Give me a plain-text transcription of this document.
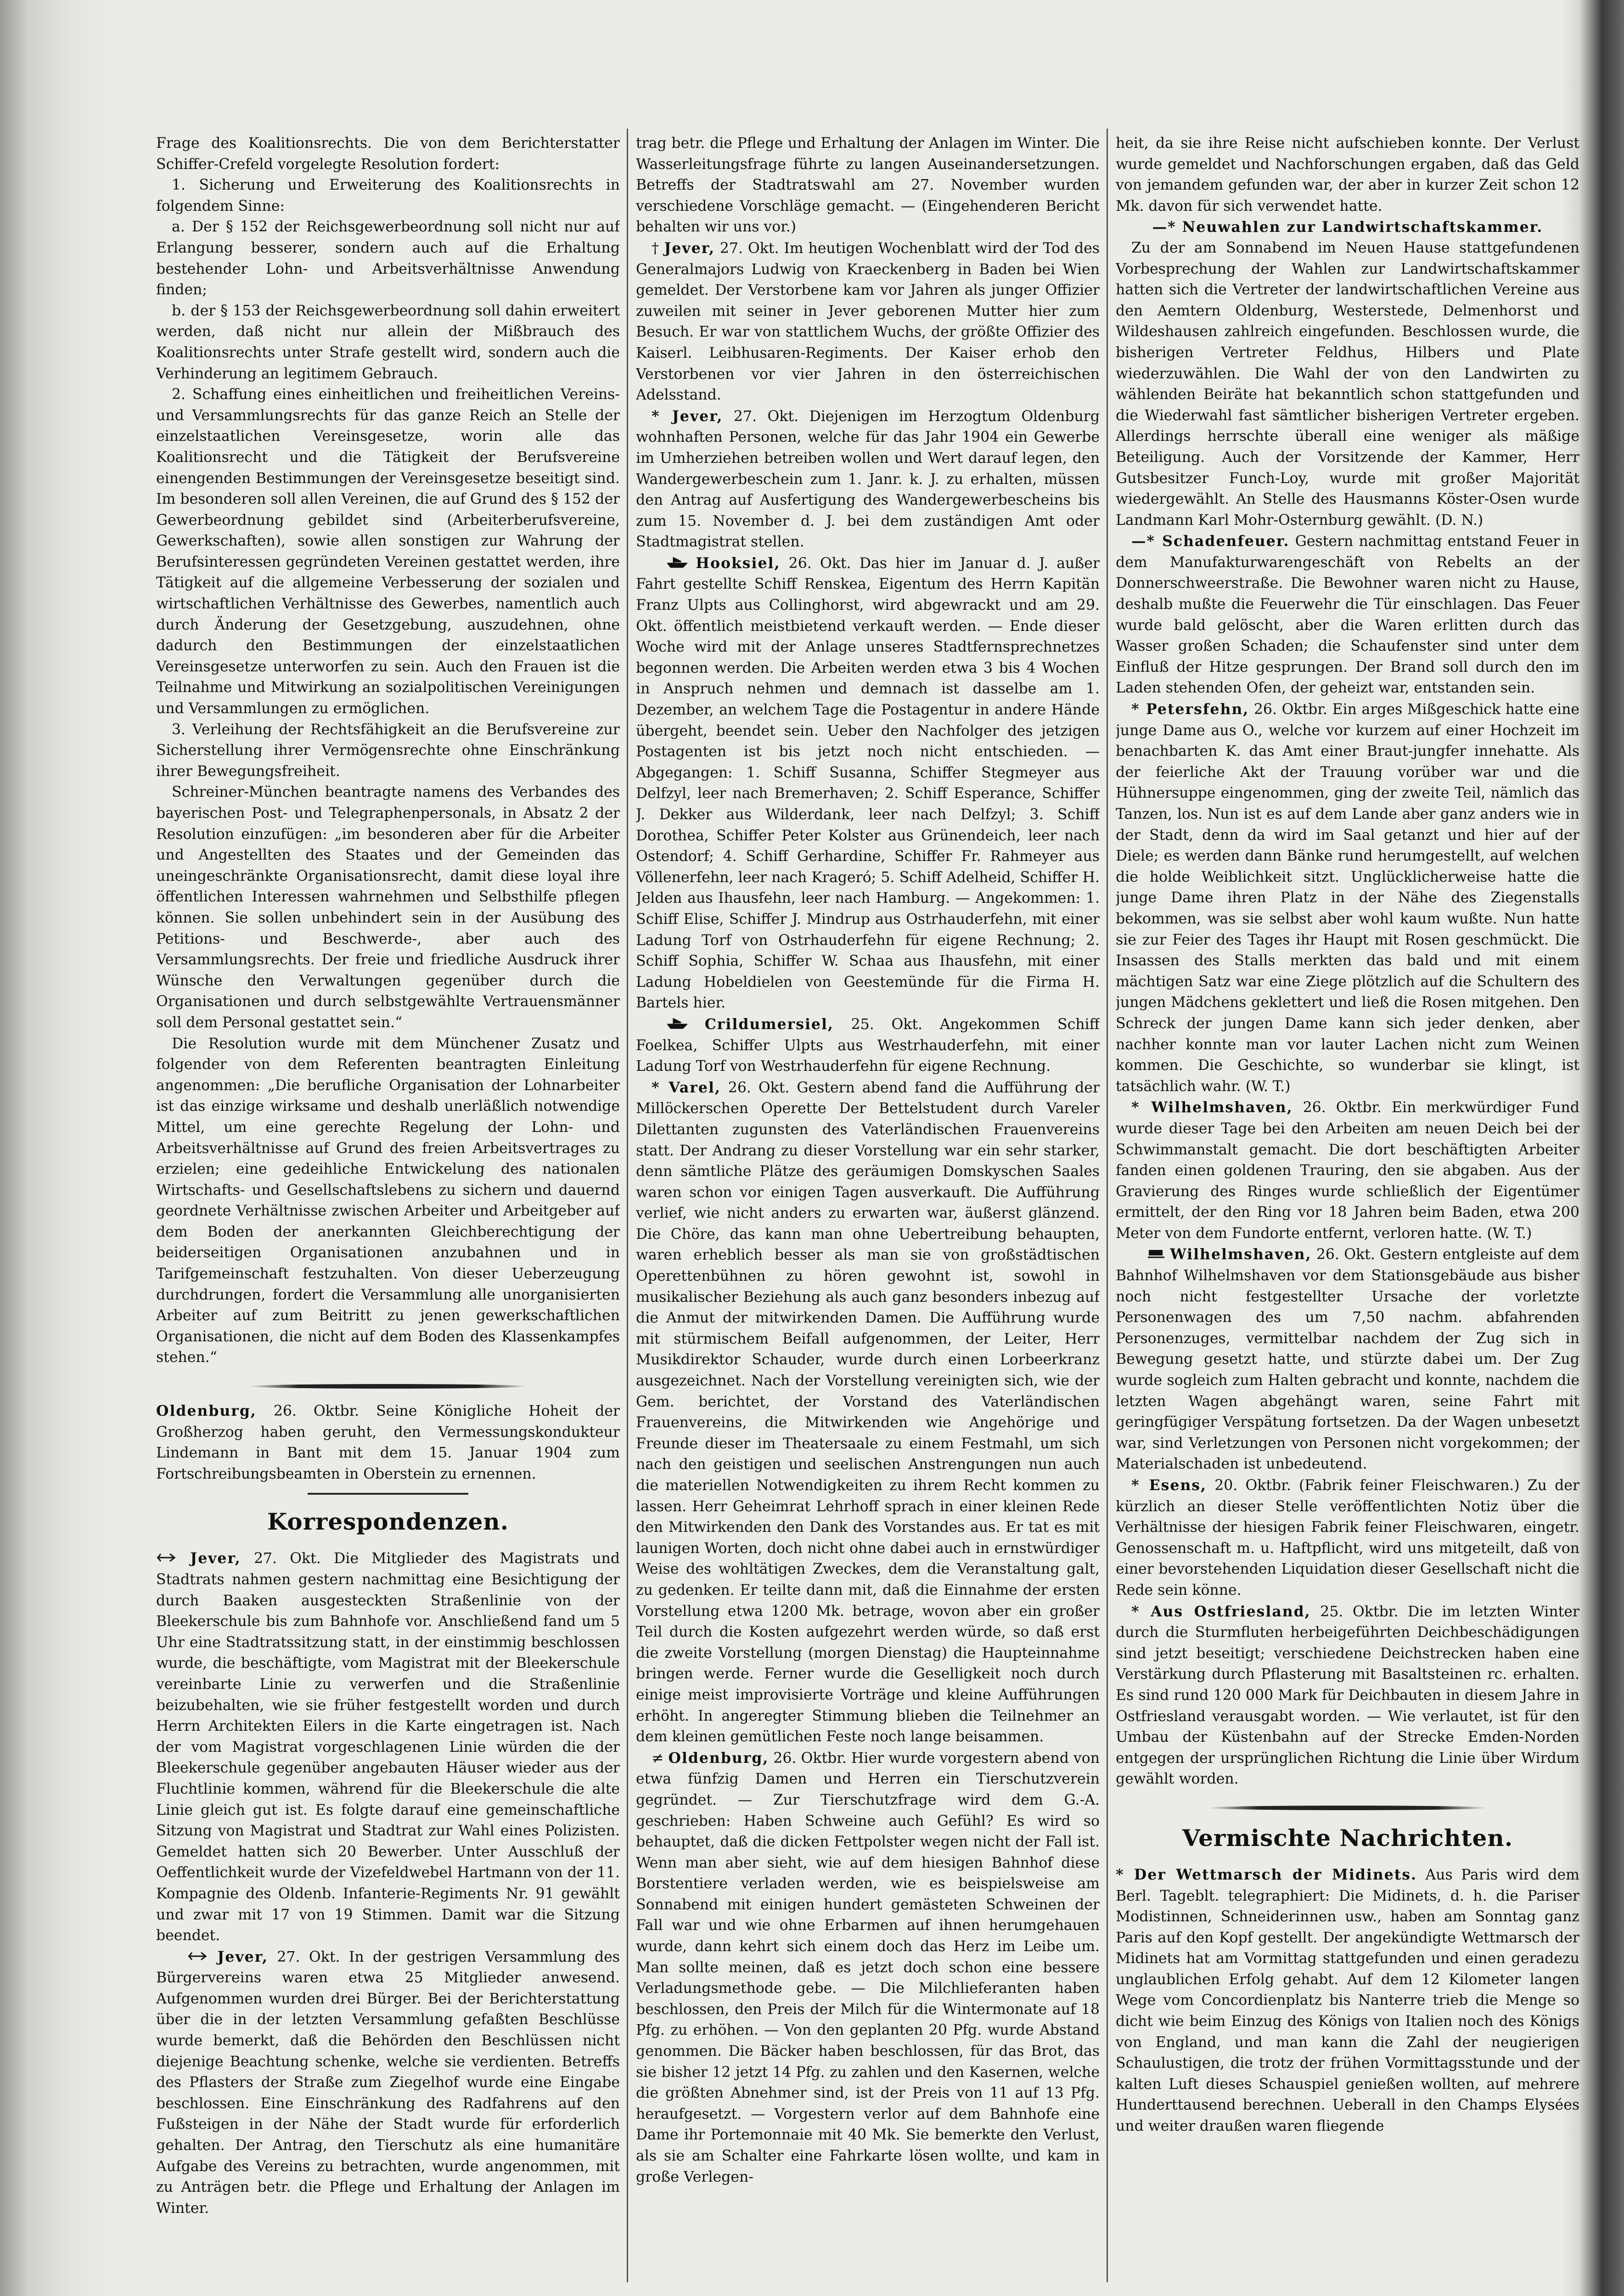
Frage des Koalitionsrechts. Die von dem Berichterstatter Schiffer-Crefeld vorgelegte Resolution fordert:

1. Sicherung und Erweiterung des Koalitionsrechts in folgendem Sinne:

a. Der § 152 der Reichsgewerbeordnung soll nicht nur auf Erlangung besserer, sondern auch auf die Erhaltung bestehender Lohn- und Arbeitsverhältnisse Anwendung finden;

b. der § 153 der Reichsgewerbeordnung soll dahin erweitert werden, daß nicht nur allein der Mißbrauch des Koalitionsrechts unter Strafe gestellt wird, sondern auch die Verhinderung an legitimem Gebrauch.

2. Schaffung eines einheitlichen und freiheitlichen Vereins- und Versammlungsrechts für das ganze Reich an Stelle der einzelstaatlichen Vereinsgesetze, worin alle das Koalitionsrecht und die Tätigkeit der Berufsvereine einengenden Bestimmungen der Vereinsgesetze beseitigt sind. Im besonderen soll allen Vereinen, die auf Grund des § 152 der Gewerbeordnung gebildet sind (Arbeiterberufsvereine, Gewerkschaften), sowie allen sonstigen zur Wahrung der Berufsinteressen gegründeten Vereinen gestattet werden, ihre Tätigkeit auf die allgemeine Verbesserung der sozialen und wirtschaftlichen Verhältnisse des Gewerbes, namentlich auch durch Änderung der Gesetzgebung, auszudehnen, ohne dadurch den Bestimmungen der einzelstaatlichen Vereinsgesetze unterworfen zu sein. Auch den Frauen ist die Teilnahme und Mitwirkung an sozialpolitischen Vereinigungen und Versammlungen zu ermöglichen.

3. Verleihung der Rechtsfähigkeit an die Berufsvereine zur Sicherstellung ihrer Vermögensrechte ohne Einschränkung ihrer Bewegungsfreiheit.

Schreiner-München beantragte namens des Verbandes des bayerischen Post- und Telegraphenpersonals, in Absatz 2 der Resolution einzufügen: „im besonderen aber für die Arbeiter und Angestellten des Staates und der Gemeinden das uneingeschränkte Organisationsrecht, damit diese loyal ihre öffentlichen Interessen wahrnehmen und Selbsthilfe pflegen können. Sie sollen unbehindert sein in der Ausübung des Petitions- und Beschwerde-, aber auch des Versammlungsrechts. Der freie und friedliche Ausdruck ihrer Wünsche den Verwaltungen gegenüber durch die Organisationen und durch selbstgewählte Vertrauensmänner soll dem Personal gestattet sein.“

Die Resolution wurde mit dem Münchener Zusatz und folgender von dem Referenten beantragten Einleitung angenommen: „Die berufliche Organisation der Lohnarbeiter ist das einzige wirksame und deshalb unerläßlich notwendige Mittel, um eine gerechte Regelung der Lohn- und Arbeitsverhältnisse auf Grund des freien Arbeitsvertrages zu erzielen; eine gedeihliche Entwickelung des nationalen Wirtschafts- und Gesellschaftslebens zu sichern und dauernd geordnete Verhältnisse zwischen Arbeiter und Arbeitgeber auf dem Boden der anerkannten Gleichberechtigung der beiderseitigen Organisationen anzubahnen und in Tarifgemeinschaft festzuhalten. Von dieser Ueberzeugung durchdrungen, fordert die Versammlung alle unorganisierten Arbeiter auf zum Beitritt zu jenen gewerkschaftlichen Organisationen, die nicht auf dem Boden des Klassenkampfes stehen.“

Oldenburg, 26. Oktbr. Seine Königliche Hoheit der Großherzog haben geruht, den Vermessungskondukteur Lindemann in Bant mit dem 15. Januar 1904 zum Fortschreibungsbeamten in Oberstein zu ernennen.

Korrespondenzen.

Jever, 27. Okt. Die Mitglieder des Magistrats und Stadtrats nahmen gestern nachmittag eine Besichtigung der durch Baaken ausgesteckten Straßenlinie von der Bleekerschule bis zum Bahnhofe vor. Anschließend fand um 5 Uhr eine Stadtratssitzung statt, in der einstimmig beschlossen wurde, die beschäftigte, vom Magistrat mit der Bleekerschule vereinbarte Linie zu verwerfen und die Straßenlinie beizubehalten, wie sie früher festgestellt worden und durch Herrn Architekten Eilers in die Karte eingetragen ist. Nach der vom Magistrat vorgeschlagenen Linie würden die der Bleekerschule gegenüber angebauten Häuser wieder aus der Fluchtlinie kommen, während für die Bleekerschule die alte Linie gleich gut ist. Es folgte darauf eine gemeinschaftliche Sitzung von Magistrat und Stadtrat zur Wahl eines Polizisten. Gemeldet hatten sich 20 Bewerber. Unter Ausschluß der Oeffentlichkeit wurde der Vizefeldwebel Hartmann von der 11. Kompagnie des Oldenb. Infanterie-Regiments Nr. 91 gewählt und zwar mit 17 von 19 Stimmen. Damit war die Sitzung beendet.

Jever, 27. Okt. In der gestrigen Versammlung des Bürgervereins waren etwa 25 Mitglieder anwesend. Aufgenommen wurden drei Bürger. Bei der Berichterstattung über die in der letzten Versammlung gefaßten Beschlüsse wurde bemerkt, daß die Behörden den Beschlüssen nicht diejenige Beachtung schenke, welche sie verdienten. Betreffs des Pflasters der Straße zum Ziegelhof wurde eine Eingabe beschlossen. Eine Einschränkung des Radfahrens auf den Fußsteigen in der Nähe der Stadt wurde für erforderlich gehalten. Der Antrag, den Tierschutz als eine humanitäre Aufgabe des Vereins zu betrachten, wurde angenommen, mit zu Anträgen betr. die Pflege und Erhaltung der Anlagen im Winter.

trag betr. die Pflege und Erhaltung der Anlagen im Winter. Die Wasserleitungsfrage führte zu langen Auseinandersetzungen. Betreffs der Stadtratswahl am 27. November wurden verschiedene Vorschläge gemacht. — (Eingehenderen Bericht behalten wir uns vor.)

† Jever, 27. Okt. Im heutigen Wochenblatt wird der Tod des Generalmajors Ludwig von Kraeckenberg in Baden bei Wien gemeldet. Der Verstorbene kam vor Jahren als junger Offizier zuweilen mit seiner in Jever geborenen Mutter hier zum Besuch. Er war von stattlichem Wuchs, der größte Offizier des Kaiserl. Leibhusaren-Regiments. Der Kaiser erhob den Verstorbenen vor vier Jahren in den österreichischen Adelsstand.

* Jever, 27. Okt. Diejenigen im Herzogtum Oldenburg wohnhaften Personen, welche für das Jahr 1904 ein Gewerbe im Umherziehen betreiben wollen und Wert darauf legen, den Wandergewerbeschein zum 1. Janr. k. J. zu erhalten, müssen den Antrag auf Ausfertigung des Wandergewerbescheins bis zum 15. November d. J. bei dem zuständigen Amt oder Stadtmagistrat stellen.

Hooksiel, 26. Okt. Das hier im Januar d. J. außer Fahrt gestellte Schiff Renskea, Eigentum des Herrn Kapitän Franz Ulpts aus Collinghorst, wird abgewrackt und am 29. Okt. öffentlich meistbietend verkauft werden. — Ende dieser Woche wird mit der Anlage unseres Stadtfernsprechnetzes begonnen werden. Die Arbeiten werden etwa 3 bis 4 Wochen in Anspruch nehmen und demnach ist dasselbe am 1. Dezember, an welchem Tage die Postagentur in andere Hände übergeht, beendet sein. Ueber den Nachfolger des jetzigen Postagenten ist bis jetzt noch nicht entschieden. — Abgegangen: 1. Schiff Susanna, Schiffer Stegmeyer aus Delfzyl, leer nach Bremerhaven; 2. Schiff Esperance, Schiffer J. Dekker aus Wilderdank, leer nach Delfzyl; 3. Schiff Dorothea, Schiffer Peter Kolster aus Grünendeich, leer nach Ostendorf; 4. Schiff Gerhardine, Schiffer Fr. Rahmeyer aus Völlenerfehn, leer nach Krageró; 5. Schiff Adelheid, Schiffer H. Jelden aus Ihausfehn, leer nach Hamburg. — Angekommen: 1. Schiff Elise, Schiffer J. Mindrup aus Ostrhauderfehn, mit einer Ladung Torf von Ostrhauderfehn für eigene Rechnung; 2. Schiff Sophia, Schiffer W. Schaa aus Ihausfehn, mit einer Ladung Hobeldielen von Geestemünde für die Firma H. Bartels hier.

Crildumersiel, 25. Okt. Angekommen Schiff Foelkea, Schiffer Ulpts aus Westrhauderfehn, mit einer Ladung Torf von Westrhauderfehn für eigene Rechnung.

* Varel, 26. Okt. Gestern abend fand die Aufführung der Millöckerschen Operette Der Bettelstudent durch Vareler Dilettanten zugunsten des Vaterländischen Frauenvereins statt. Der Andrang zu dieser Vorstellung war ein sehr starker, denn sämtliche Plätze des geräumigen Domskyschen Saales waren schon vor einigen Tagen ausverkauft. Die Aufführung verlief, wie nicht anders zu erwarten war, äußerst glänzend. Die Chöre, das kann man ohne Uebertreibung behaupten, waren erheblich besser als man sie von großstädtischen Operettenbühnen zu hören gewohnt ist, sowohl in musikalischer Beziehung als auch ganz besonders inbezug auf die Anmut der mitwirkenden Damen. Die Aufführung wurde mit stürmischem Beifall aufgenommen, der Leiter, Herr Musikdirektor Schauder, wurde durch einen Lorbeerkranz ausgezeichnet. Nach der Vorstellung vereinigten sich, wie der Gem. berichtet, der Vorstand des Vaterländischen Frauenvereins, die Mitwirkenden wie Angehörige und Freunde dieser im Theatersaale zu einem Festmahl, um sich nach den geistigen und seelischen Anstrengungen nun auch die materiellen Notwendigkeiten zu ihrem Recht kommen zu lassen. Herr Geheimrat Lehrhoff sprach in einer kleinen Rede den Mitwirkenden den Dank des Vorstandes aus. Er tat es mit launigen Worten, doch nicht ohne dabei auch in ernstwürdiger Weise des wohltätigen Zweckes, dem die Veranstaltung galt, zu gedenken. Er teilte dann mit, daß die Einnahme der ersten Vorstellung etwa 1200 Mk. betrage, wovon aber ein großer Teil durch die Kosten aufgezehrt werden würde, so daß erst die zweite Vorstellung (morgen Dienstag) die Haupteinnahme bringen werde. Ferner wurde die Geselligkeit noch durch einige meist improvisierte Vorträge und kleine Aufführungen erhöht. In angeregter Stimmung blieben die Teilnehmer an dem kleinen gemütlichen Feste noch lange beisammen.

≠ Oldenburg, 26. Oktbr. Hier wurde vorgestern abend von etwa fünfzig Damen und Herren ein Tierschutzverein gegründet. — Zur Tierschutzfrage wird dem G.-A. geschrieben: Haben Schweine auch Gefühl? Es wird so behauptet, daß die dicken Fettpolster wegen nicht der Fall ist. Wenn man aber sieht, wie auf dem hiesigen Bahnhof diese Borstentiere verladen werden, wie es beispielsweise am Sonnabend mit einigen hundert gemästeten Schweinen der Fall war und wie ohne Erbarmen auf ihnen herumgehauen wurde, dann kehrt sich einem doch das Herz im Leibe um. Man sollte meinen, daß es jetzt doch schon eine bessere Verladungsmethode gebe. — Die Milchlieferanten haben beschlossen, den Preis der Milch für die Wintermonate auf 18 Pfg. zu erhöhen. — Von den geplanten 20 Pfg. wurde Abstand genommen. Die Bäcker haben beschlossen, für das Brot, das sie bisher 12 jetzt 14 Pfg. zu zahlen und den Kasernen, welche die größten Abnehmer sind, ist der Preis von 11 auf 13 Pfg. heraufgesetzt. — Vorgestern verlor auf dem Bahnhofe eine Dame ihr Portemonnaie mit 40 Mk. Sie bemerkte den Verlust, als sie am Schalter eine Fahrkarte lösen wollte, und kam in große Verlegen-

heit, da sie ihre Reise nicht aufschieben konnte. Der Verlust wurde gemeldet und Nachforschungen ergaben, daß das Geld von jemandem gefunden war, der aber in kurzer Zeit schon 12 Mk. davon für sich verwendet hatte.

—* Neuwahlen zur Landwirtschaftskammer.

Zu der am Sonnabend im Neuen Hause stattgefundenen Vorbesprechung der Wahlen zur Landwirtschaftskammer hatten sich die Vertreter der landwirtschaftlichen Vereine aus den Aemtern Oldenburg, Westerstede, Delmenhorst und Wildeshausen zahlreich eingefunden. Beschlossen wurde, die bisherigen Vertreter Feldhus, Hilbers und Plate wiederzuwählen. Die Wahl der von den Landwirten zu wählenden Beiräte hat bekanntlich schon stattgefunden und die Wiederwahl fast sämtlicher bisherigen Vertreter ergeben. Allerdings herrschte überall eine weniger als mäßige Beteiligung. Auch der Vorsitzende der Kammer, Herr Gutsbesitzer Funch-Loy, wurde mit großer Majorität wiedergewählt. An Stelle des Hausmanns Köster-Osen wurde Landmann Karl Mohr-Osternburg gewählt. (D. N.)

—* Schadenfeuer. Gestern nachmittag entstand Feuer in dem Manufakturwarengeschäft von Rebelts an der Donnerschweerstraße. Die Bewohner waren nicht zu Hause, deshalb mußte die Feuerwehr die Tür einschlagen. Das Feuer wurde bald gelöscht, aber die Waren erlitten durch das Wasser großen Schaden; die Schaufenster sind unter dem Einfluß der Hitze gesprungen. Der Brand soll durch den im Laden stehenden Ofen, der geheizt war, entstanden sein.

* Petersfehn, 26. Oktbr. Ein arges Mißgeschick hatte eine junge Dame aus O., welche vor kurzem auf einer Hochzeit im benachbarten K. das Amt einer Braut-jungfer innehatte. Als der feierliche Akt der Trauung vorüber war und die Hühnersuppe eingenommen, ging der zweite Teil, nämlich das Tanzen, los. Nun ist es auf dem Lande aber ganz anders wie in der Stadt, denn da wird im Saal getanzt und hier auf der Diele; es werden dann Bänke rund herumgestellt, auf welchen die holde Weiblichkeit sitzt. Unglücklicherweise hatte die junge Dame ihren Platz in der Nähe des Ziegenstalls bekommen, was sie selbst aber wohl kaum wußte. Nun hatte sie zur Feier des Tages ihr Haupt mit Rosen geschmückt. Die Insassen des Stalls merkten das bald und mit einem mächtigen Satz war eine Ziege plötzlich auf die Schultern des jungen Mädchens geklettert und ließ die Rosen mitgehen. Den Schreck der jungen Dame kann sich jeder denken, aber nachher konnte man vor lauter Lachen nicht zum Weinen kommen. Die Geschichte, so wunderbar sie klingt, ist tatsächlich wahr. (W. T.)

* Wilhelmshaven, 26. Oktbr. Ein merkwürdiger Fund wurde dieser Tage bei den Arbeiten am neuen Deich bei der Schwimmanstalt gemacht. Die dort beschäftigten Arbeiter fanden einen goldenen Trauring, den sie abgaben. Aus der Gravierung des Ringes wurde schließlich der Eigentümer ermittelt, der den Ring vor 18 Jahren beim Baden, etwa 200 Meter von dem Fundorte entfernt, verloren hatte. (W. T.)

Wilhelmshaven, 26. Okt. Gestern entgleiste auf dem Bahnhof Wilhelmshaven vor dem Stationsgebäude aus bisher noch nicht festgestellter Ursache der vorletzte Personenwagen des um 7,50 nachm. abfahrenden Personenzuges, vermittelbar nachdem der Zug sich in Bewegung gesetzt hatte, und stürzte dabei um. Der Zug wurde sogleich zum Halten gebracht und konnte, nachdem die letzten Wagen abgehängt waren, seine Fahrt mit geringfügiger Verspätung fortsetzen. Da der Wagen unbesetzt war, sind Verletzungen von Personen nicht vorgekommen; der Materialschaden ist unbedeutend.

* Esens, 20. Oktbr. (Fabrik feiner Fleischwaren.) Zu der kürzlich an dieser Stelle veröffentlichten Notiz über die Verhältnisse der hiesigen Fabrik feiner Fleischwaren, eingetr. Genossenschaft m. u. Haftpflicht, wird uns mitgeteilt, daß von einer bevorstehenden Liquidation dieser Gesellschaft nicht die Rede sein könne.

* Aus Ostfriesland, 25. Oktbr. Die im letzten Winter durch die Sturmfluten herbeigeführten Deichbeschädigungen sind jetzt beseitigt; verschiedene Deichstrecken haben eine Verstärkung durch Pflasterung mit Basaltsteinen rc. erhalten. Es sind rund 120 000 Mark für Deichbauten in diesem Jahre in Ostfriesland verausgabt worden. — Wie verlautet, ist für den Umbau der Küstenbahn auf der Strecke Emden-Norden entgegen der ursprünglichen Richtung die Linie über Wirdum gewählt worden.

Vermischte Nachrichten.

* Der Wettmarsch der Midinets. Aus Paris wird dem Berl. Tageblt. telegraphiert: Die Midinets, d. h. die Pariser Modistinnen, Schneiderinnen usw., haben am Sonntag ganz Paris auf den Kopf gestellt. Der angekündigte Wettmarsch der Midinets hat am Vormittag stattgefunden und einen geradezu unglaublichen Erfolg gehabt. Auf dem 12 Kilometer langen Wege vom Concordienplatz bis Nanterre trieb die Menge so dicht wie beim Einzug des Königs von Italien noch des Königs von England, und man kann die Zahl der neugierigen Schaulustigen, die trotz der frühen Vormittagsstunde und der kalten Luft dieses Schauspiel genießen wollten, auf mehrere Hunderttausend berechnen. Ueberall in den Champs Elysées und weiter draußen waren fliegende
